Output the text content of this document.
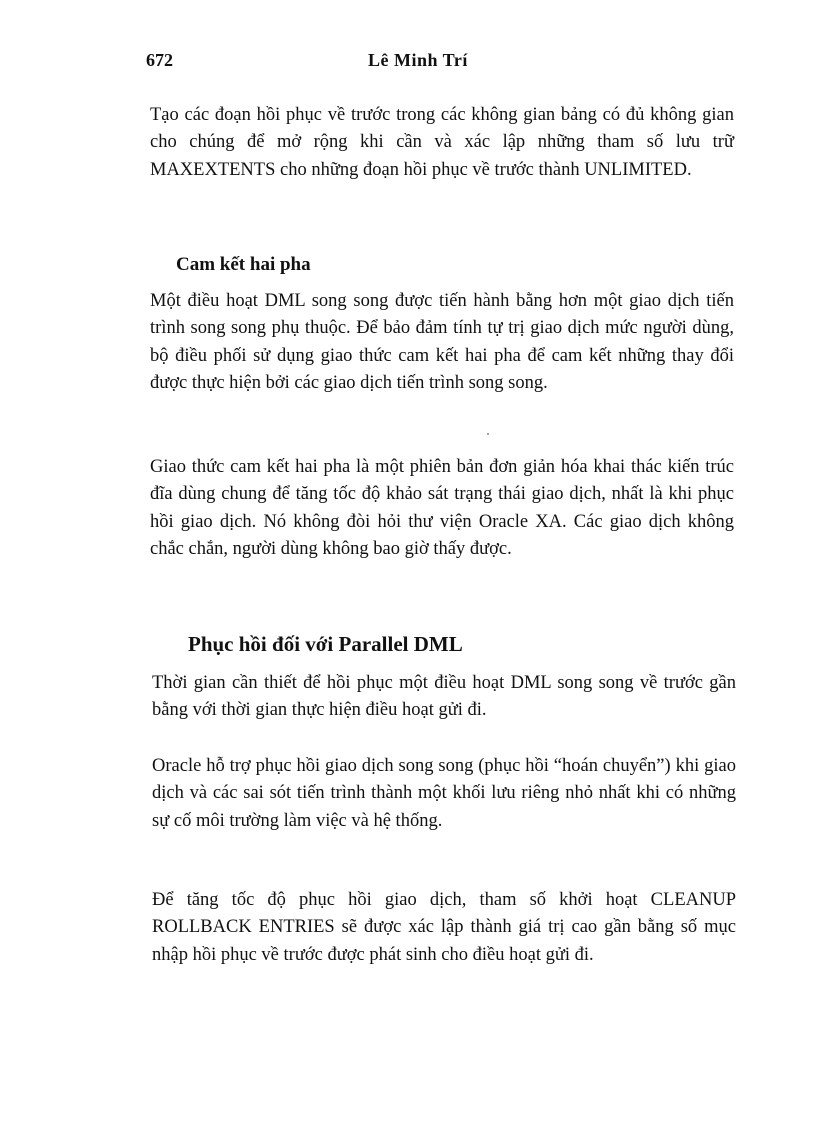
672	Lê Minh Trí

Tạo các đoạn hồi phục về trước trong các không gian bảng có đủ không gian cho chúng để mở rộng khi cần và xác lập những tham số lưu trữ MAXEXTENTS cho những đoạn hồi phục về trước thành UNLIMITED.

Cam kết hai pha

Một điều hoạt DML song song được tiến hành bằng hơn một giao dịch tiến trình song song phụ thuộc. Để bảo đảm tính tự trị giao dịch mức người dùng, bộ điều phối sử dụng giao thức cam kết hai pha để cam kết những thay đổi được thực hiện bởi các giao dịch tiến trình song song.

Giao thức cam kết hai pha là một phiên bản đơn giản hóa khai thác kiến trúc đĩa dùng chung để tăng tốc độ khảo sát trạng thái giao dịch, nhất là khi phục hồi giao dịch. Nó không đòi hỏi thư viện Oracle XA. Các giao dịch không chắc chắn, người dùng không bao giờ thấy được.

Phục hồi đối với Parallel DML

Thời gian cần thiết để hồi phục một điều hoạt DML song song về trước gần bằng với thời gian thực hiện điều hoạt gửi đi.

Oracle hỗ trợ phục hồi giao dịch song song (phục hồi “hoán chuyển”) khi giao dịch và các sai sót tiến trình thành một khối lưu riêng nhỏ nhất khi có những sự cố môi trường làm việc và hệ thống.

Để tăng tốc độ phục hồi giao dịch, tham số khởi hoạt CLEANUP ROLLBACK ENTRIES sẽ được xác lập thành giá trị cao gần bằng số mục nhập hồi phục về trước được phát sinh cho điều hoạt gửi đi.
